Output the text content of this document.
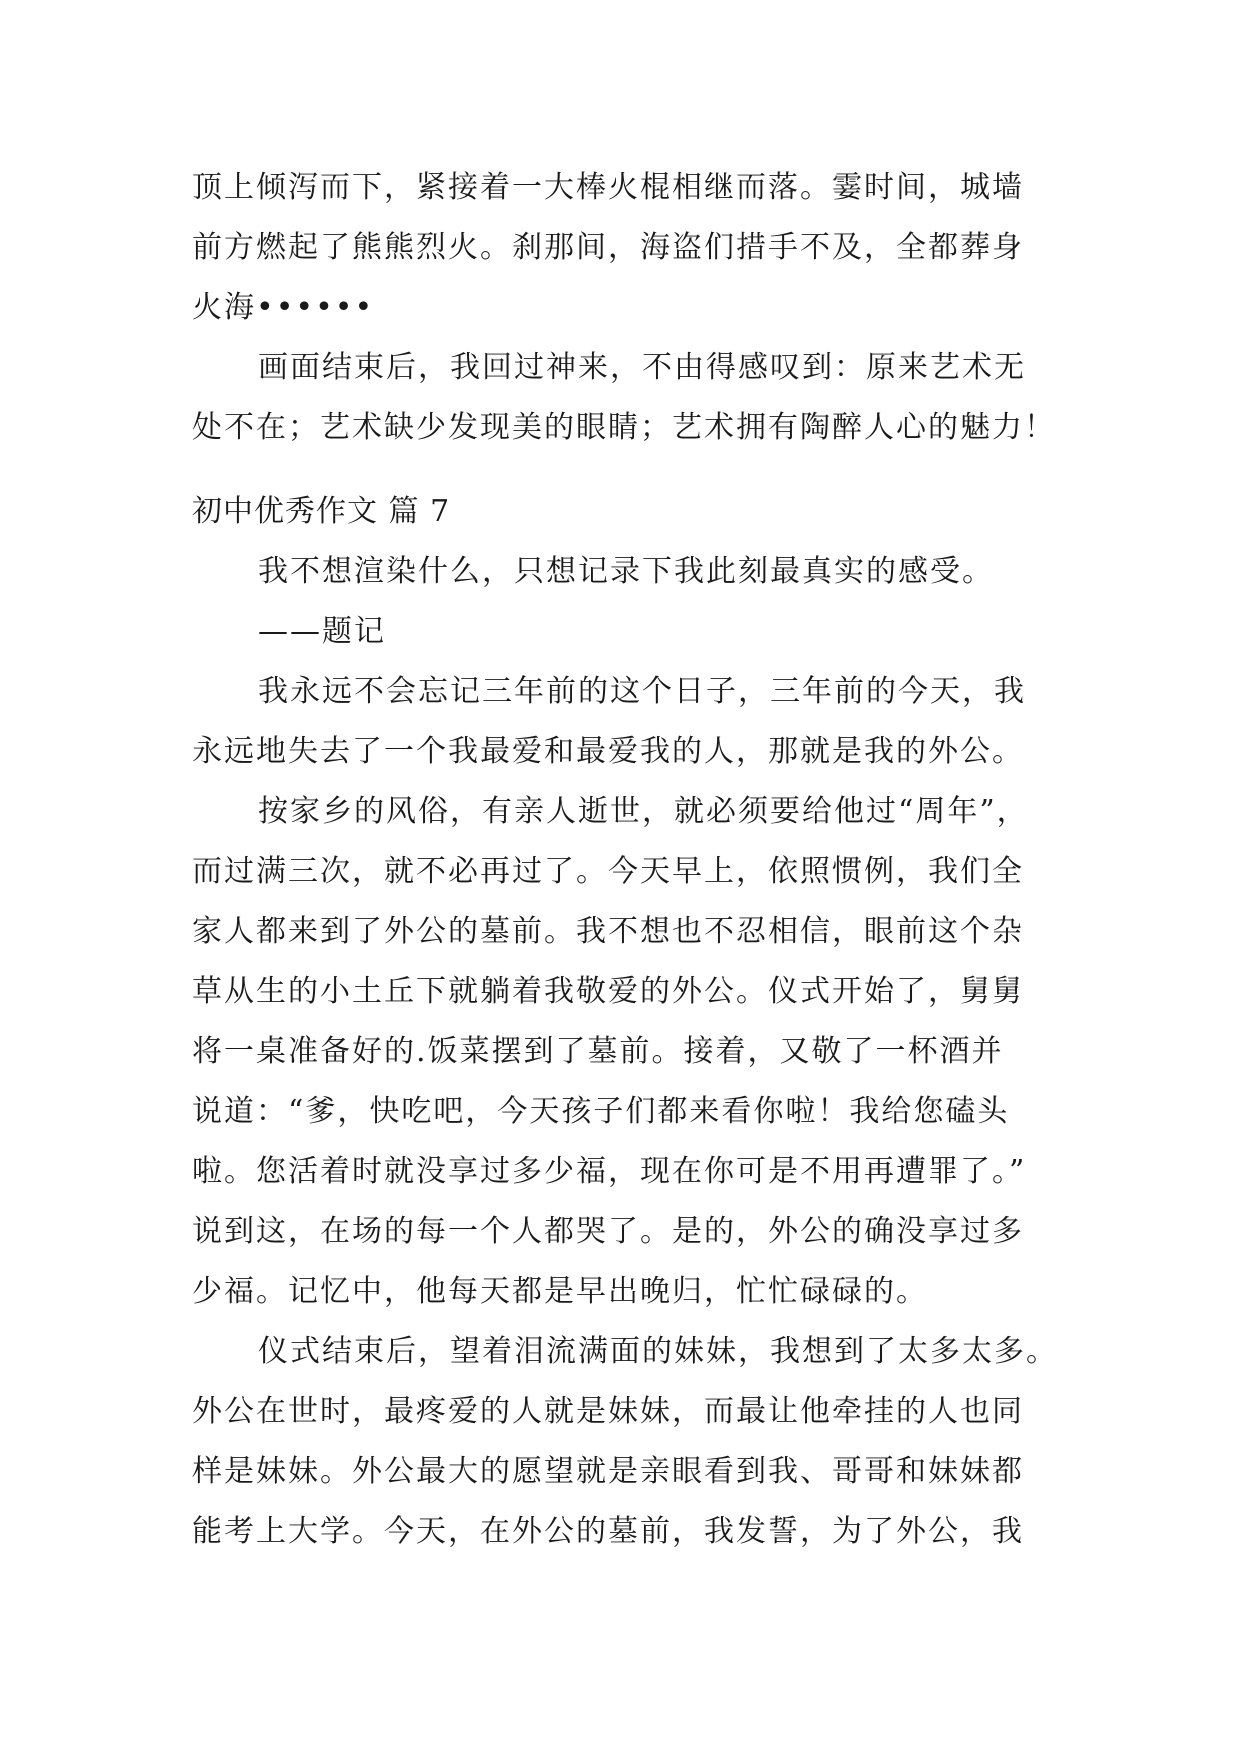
顶上倾泻而下，紧接着一大棒火棍相继而落。霎时间，城墙
前方燃起了熊熊烈火。刹那间，海盗们措手不及，全都葬身
火海••••••
画面结束后，我回过神来，不由得感叹到：原来艺术无
处不在；艺术缺少发现美的眼睛；艺术拥有陶醉人心的魅力！
初中优秀作文 篇 7
我不想渲染什么，只想记录下我此刻最真实的感受。
——题记
我永远不会忘记三年前的这个日子，三年前的今天，我
永远地失去了一个我最爱和最爱我的人，那就是我的外公。
按家乡的风俗，有亲人逝世，就必须要给他过“周年”，
而过满三次，就不必再过了。今天早上，依照惯例，我们全
家人都来到了外公的墓前。我不想也不忍相信，眼前这个杂
草从生的小土丘下就躺着我敬爱的外公。仪式开始了，舅舅
将一桌准备好的.饭菜摆到了墓前。接着，又敬了一杯酒并
说道：“爹，快吃吧，今天孩子们都来看你啦！我给您磕头
啦。您活着时就没享过多少福，现在你可是不用再遭罪了。”
说到这，在场的每一个人都哭了。是的，外公的确没享过多
少福。记忆中，他每天都是早出晚归，忙忙碌碌的。
仪式结束后，望着泪流满面的妹妹，我想到了太多太多。
外公在世时，最疼爱的人就是妹妹，而最让他牵挂的人也同
样是妹妹。外公最大的愿望就是亲眼看到我、哥哥和妹妹都
能考上大学。今天，在外公的墓前，我发誓，为了外公，我
